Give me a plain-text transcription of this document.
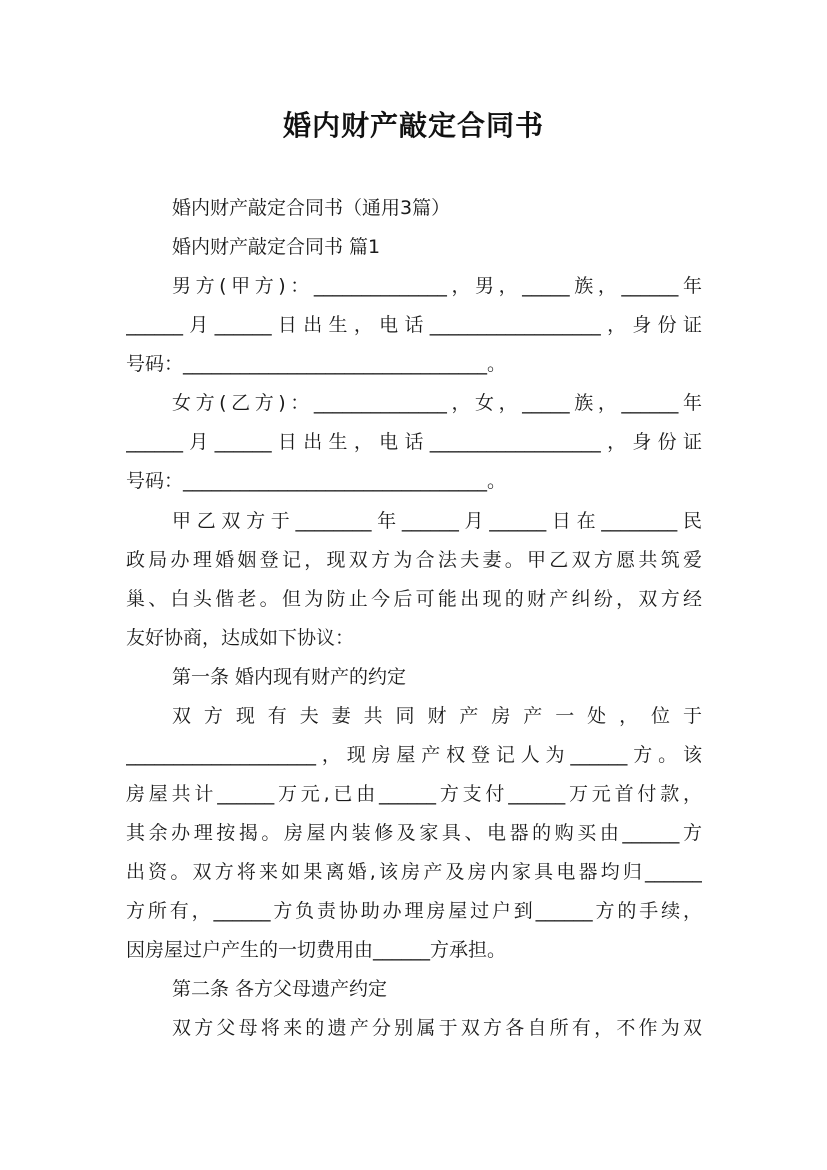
婚内财产敲定合同书
婚内财产敲定合同书（通用3篇）
婚内财产敲定合同书 篇1
男方(甲方)：______________，男，_____族，______年
______月______日出生，电话__________________，身份证
号码：________________________________。
女方(乙方)：______________，女，_____族，______年
______月______日出生，电话__________________，身份证
号码：________________________________。
甲乙双方于________年______月______日在________民
政局办理婚姻登记，现双方为合法夫妻。甲乙双方愿共筑爱
巢、白头偕老。但为防止今后可能出现的财产纠纷，双方经
友好协商，达成如下协议：
第一条 婚内现有财产的约定
双方现有夫妻共同财产房产一处，位于
____________________，现房屋产权登记人为______方。该
房屋共计______万元,已由______方支付______万元首付款，
其余办理按揭。房屋内装修及家具、电器的购买由______方
出资。双方将来如果离婚,该房产及房内家具电器均归______
方所有，______方负责协助办理房屋过户到______方的手续，
因房屋过户产生的一切费用由______方承担。
第二条 各方父母遗产约定
双方父母将来的遗产分别属于双方各自所有，不作为双
